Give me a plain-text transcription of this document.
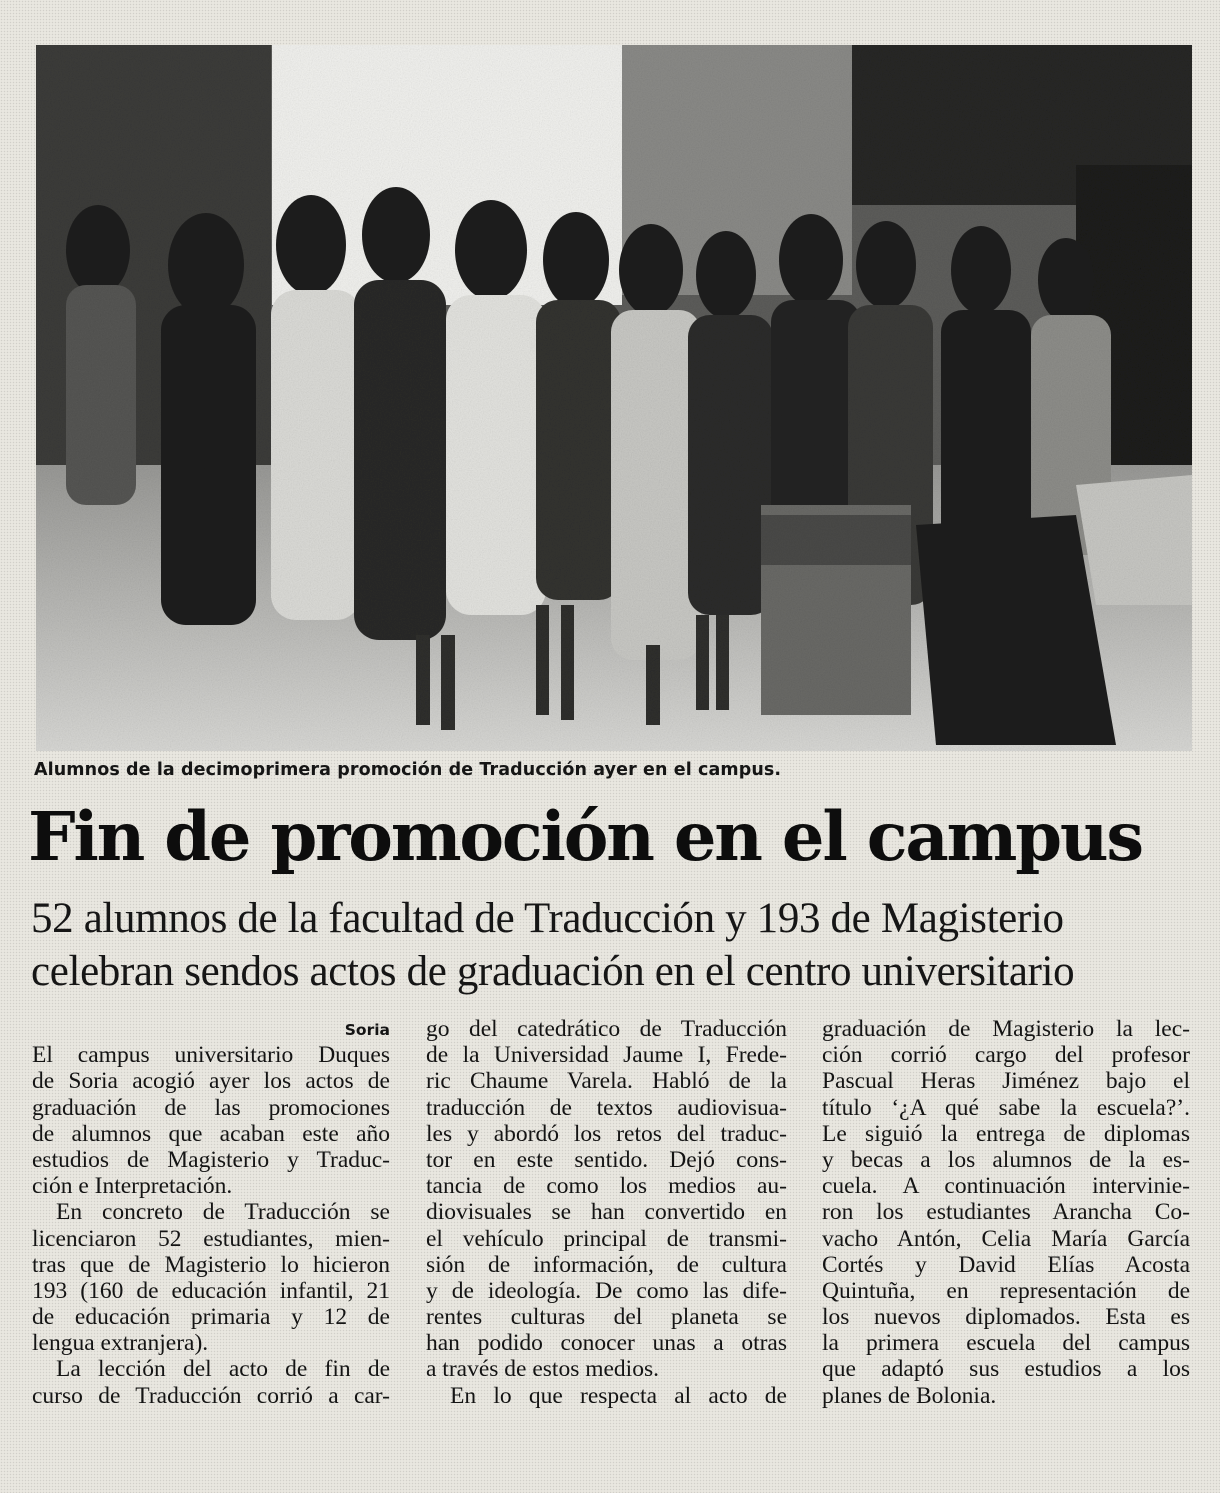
Alumnos de la decimoprimera promoción de Traducción ayer en el campus.
Fin de promoción en el campus
52 alumnos de la facultad de Traducción y 193 de Magisterio
celebran sendos actos de graduación en el centro universitario
Soria
El campus universitario Duques
de Soria acogió ayer los actos de
graduación de las promociones
de alumnos que acaban este año
estudios de Magisterio y Traduc-
ción e Interpretación.
En concreto de Traducción se
licenciaron 52 estudiantes, mien-
tras que de Magisterio lo hicieron
193 (160 de educación infantil, 21
de educación primaria y 12 de
lengua extranjera).
La lección del acto de fin de
curso de Traducción corrió a car-
go del catedrático de Traducción
de la Universidad Jaume I, Frede-
ric Chaume Varela. Habló de la
traducción de textos audiovisua-
les y abordó los retos del traduc-
tor en este sentido. Dejó cons-
tancia de como los medios au-
diovisuales se han convertido en
el vehículo principal de transmi-
sión de información, de cultura
y de ideología. De como las dife-
rentes culturas del planeta se
han podido conocer unas a otras
a través de estos medios.
En lo que respecta al acto de
graduación de Magisterio la lec-
ción corrió cargo del profesor
Pascual Heras Jiménez bajo el
título ‘¿A qué sabe la escuela?’.
Le siguió la entrega de diplomas
y becas a los alumnos de la es-
cuela. A continuación intervinie-
ron los estudiantes Arancha Co-
vacho Antón, Celia María García
Cortés y David Elías Acosta
Quintuña, en representación de
los nuevos diplomados. Esta es
la primera escuela del campus
que adaptó sus estudios a los
planes de Bolonia.
